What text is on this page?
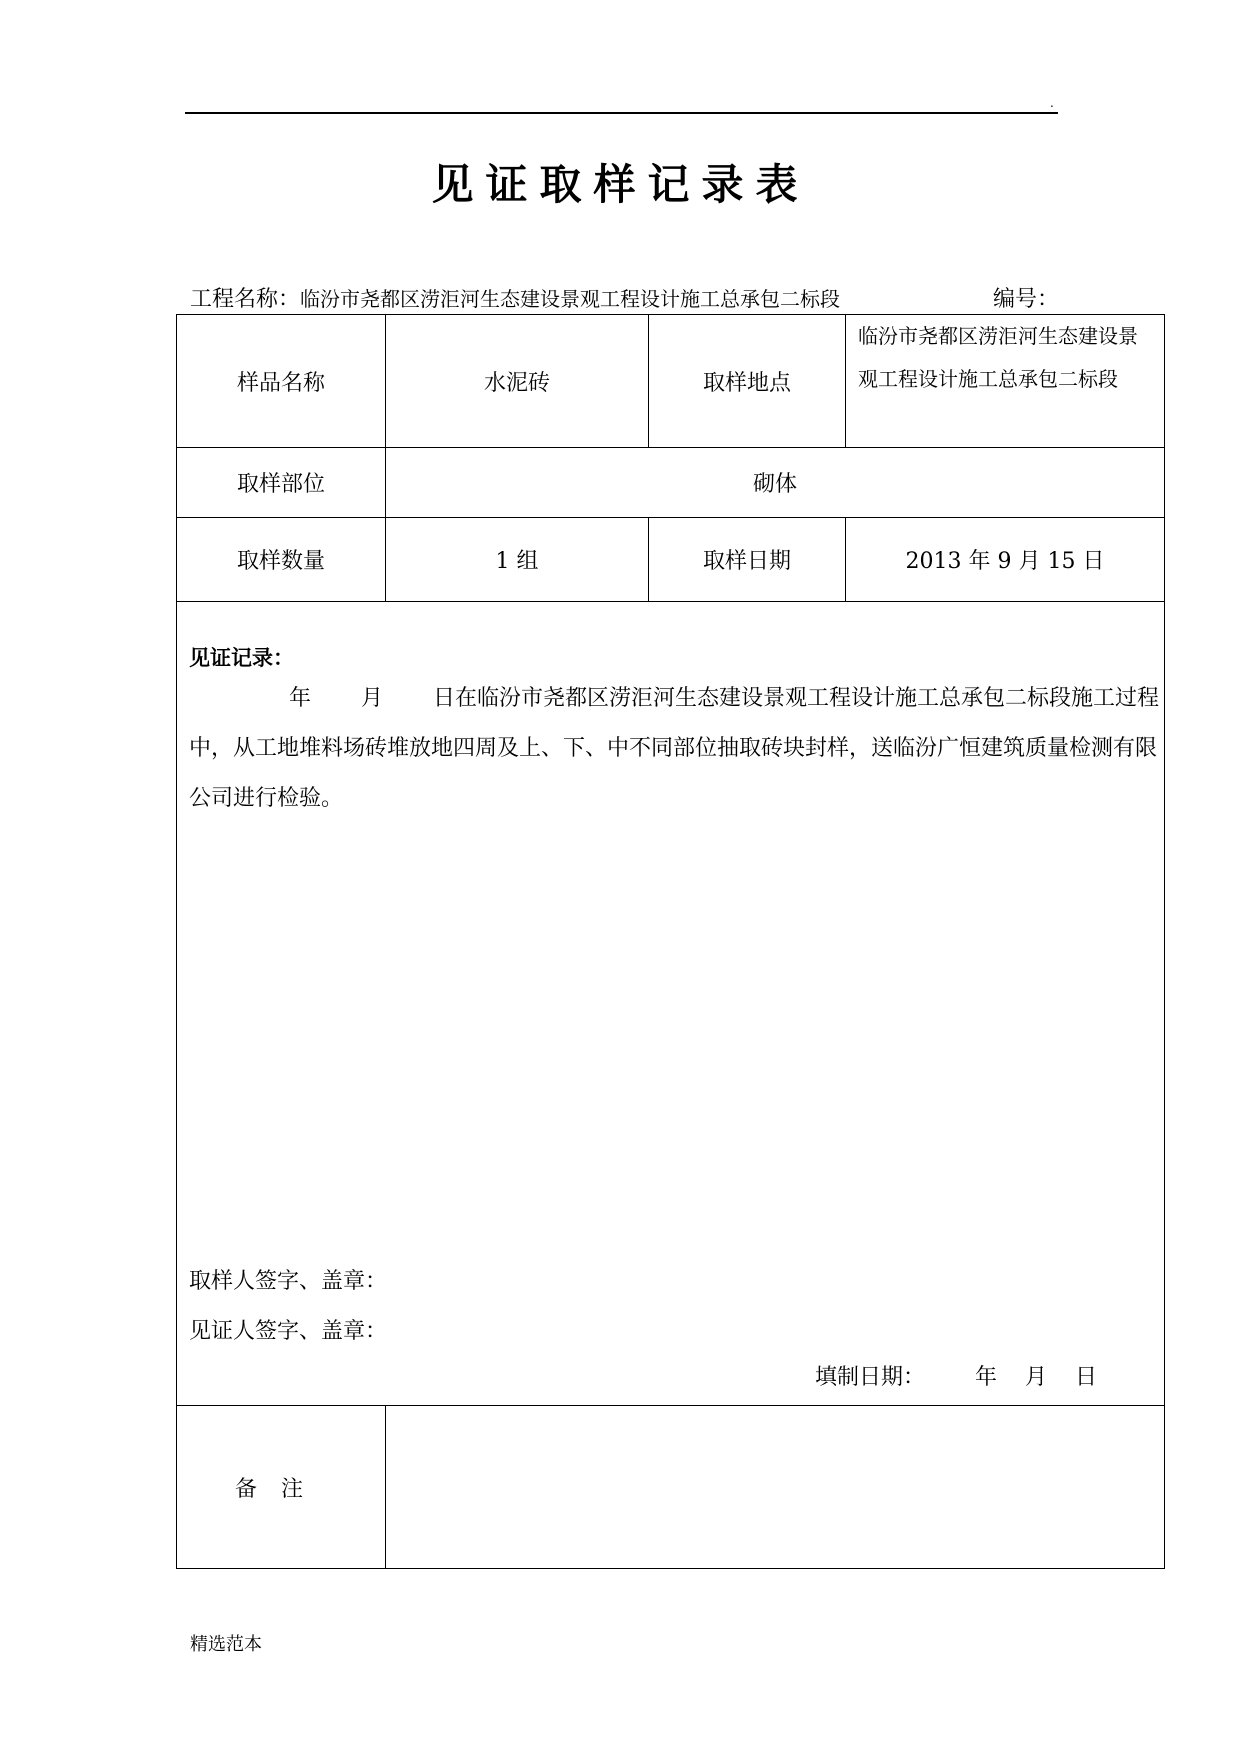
.
见证取样记录表
工程名称：临汾市尧都区涝洰河生态建设景观工程设计施工总承包二标段	编号：
样品名称	水泥砖	取样地点	临汾市尧都区涝洰河生态建设景观工程设计施工总承包二标段
取样部位	砌体		
取样数量	1 组	取样日期	2013 年 9 月 15 日

见证记录：
年 月 日在临汾市尧都区涝洰河生态建设景观工程设计施工总承包二标段施工过程中，从工地堆料场砖堆放地四周及上、下、中不同部位抽取砖块封样，送临汾广恒建筑质量检测有限公司进行检验。
取样人签字、盖章：
见证人签字、盖章：
填制日期： 年 月 日			

备注			
精选范本
